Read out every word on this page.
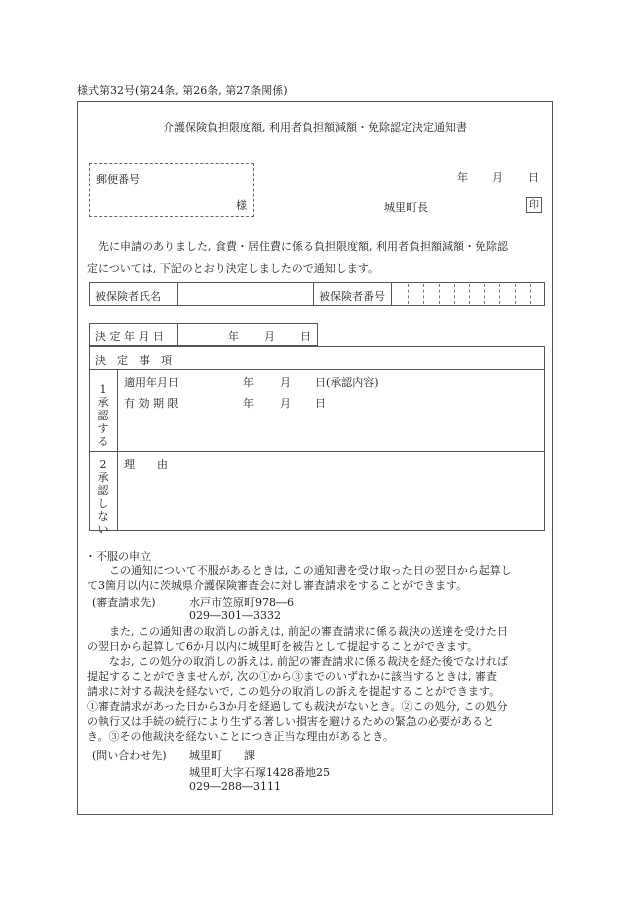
様式第32号(第24条, 第26条, 第27条関係)
介護保険負担限度額, 利用者負担額減額・免除認定決定通知書
郵便番号
様
年 月 日
城里町長	印
先に申請のありました, 食費・居住費に係る負担限度額, 利用者負担額減額・免除認
定については, 下記のとおり決定しましたので通知します。
被保険者氏名	被保険者番号
決 定 年 月 日	年 月 日
決　定　事　項
1
承
認
す
る
適用年月日	年 月 日(承認内容)
有 効 期 限	年 月 日
2
承
認
し
な
い
理　　由
・不服の申立
この通知について不服があるときは, この通知書を受け取った日の翌日から起算し
て3箇月以内に茨城県介護保険審査会に対し審査請求をすることができます。
(審査請求先)	水戸市笠原町978―6
029―301―3332
また, この通知書の取消しの訴えは, 前記の審査請求に係る裁決の送達を受けた日
の翌日から起算して6か月以内に城里町を被告として提起することができます。
なお, この処分の取消しの訴えは, 前記の審査請求に係る裁決を経た後でなければ
提起することができませんが, 次の①から③までのいずれかに該当するときは, 審査
請求に対する裁決を経ないで, この処分の取消しの訴えを提起することができます。
①審査請求があった日から3か月を経過しても裁決がないとき。②この処分, この処分
の執行又は手続の続行により生ずる著しい損害を避けるための緊急の必要があると
き。③その他裁決を経ないことにつき正当な理由があるとき。
(問い合わせ先) 城里町　　課
城里町大字石塚1428番地25
029―288―3111
